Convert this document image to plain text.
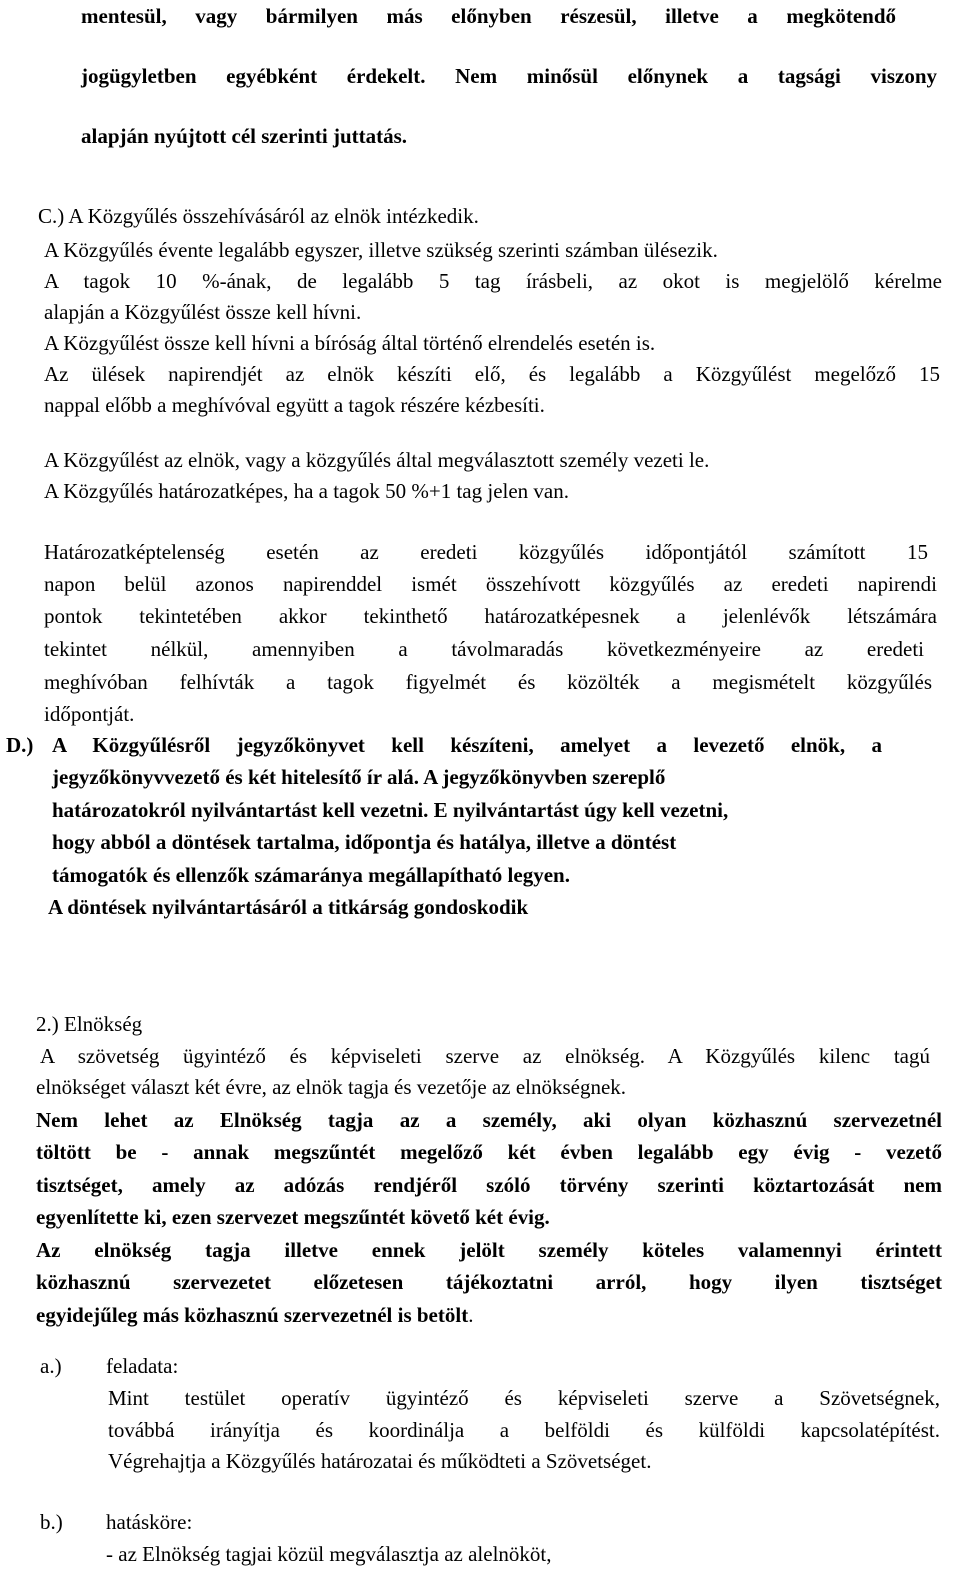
mentesül, vagy bármilyen más előnyben részesül, illetve a megkötendő
jogügyletben egyébként érdekelt. Nem minősül előnynek a tagsági viszony
alapján nyújtott cél szerinti juttatás.
C.) A Közgyűlés összehívásáról az elnök intézkedik.
A Közgyűlés évente legalább egyszer, illetve szükség szerinti számban ülésezik.
A tagok 10 %-ának, de legalább 5 tag írásbeli, az okot is megjelölő kérelme
alapján a Közgyűlést össze kell hívni.
A Közgyűlést össze kell hívni a bíróság által történő elrendelés esetén is.
Az ülések napirendjét az elnök készíti elő, és legalább a Közgyűlést megelőző 15
nappal előbb a meghívóval együtt a tagok részére kézbesíti.
A Közgyűlést az elnök, vagy a közgyűlés által megválasztott személy vezeti le.
A Közgyűlés határozatképes, ha a tagok 50 %+1 tag jelen van.
Határozatképtelenség esetén az eredeti közgyűlés időpontjától számított 15
napon belül azonos napirenddel ismét összehívott közgyűlés az eredeti napirendi
pontok tekintetében akkor tekinthető határozatképesnek a jelenlévők létszámára
tekintet nélkül, amennyiben a távolmaradás következményeire az eredeti
meghívóban felhívták a tagok figyelmét és közölték a megismételt közgyűlés
időpontját.
D.) A Közgyűlésről jegyzőkönyvet kell készíteni, amelyet a levezető elnök, a
jegyzőkönyvvezető és két hitelesítő ír alá. A jegyzőkönyvben szereplő
határozatokról nyilvántartást kell vezetni. E nyilvántartást úgy kell vezetni,
hogy abból a döntések tartalma, időpontja és hatálya, illetve a döntést
támogatók és ellenzők számaránya megállapítható legyen.
A döntések nyilvántartásáról a titkárság gondoskodik
2.) Elnökség
A szövetség ügyintéző és képviseleti szerve az elnökség. A Közgyűlés kilenc tagú
elnökséget választ két évre, az elnök tagja és vezetője az elnökségnek.
Nem lehet az Elnökség tagja az a személy, aki olyan közhasznú szervezetnél
töltött be - annak megszűntét megelőző két évben legalább egy évig - vezető
tisztséget, amely az adózás rendjéről szóló törvény szerinti köztartozását nem
egyenlítette ki, ezen szervezet megszűntét követő két évig.
Az elnökség tagja illetve ennek jelölt személy köteles valamennyi érintett
közhasznú szervezetet előzetesen tájékoztatni arról, hogy ilyen tisztséget
egyidejűleg más közhasznú szervezetnél is betölt.
a.) feladata:
Mint testület operatív ügyintéző és képviseleti szerve a Szövetségnek,
továbbá irányítja és koordinálja a belföldi és külföldi kapcsolatépítést.
Végrehajtja a Közgyűlés határozatai és működteti a Szövetséget.
b.) hatásköre:
- az Elnökség tagjai közül megválasztja az alelnököt,
